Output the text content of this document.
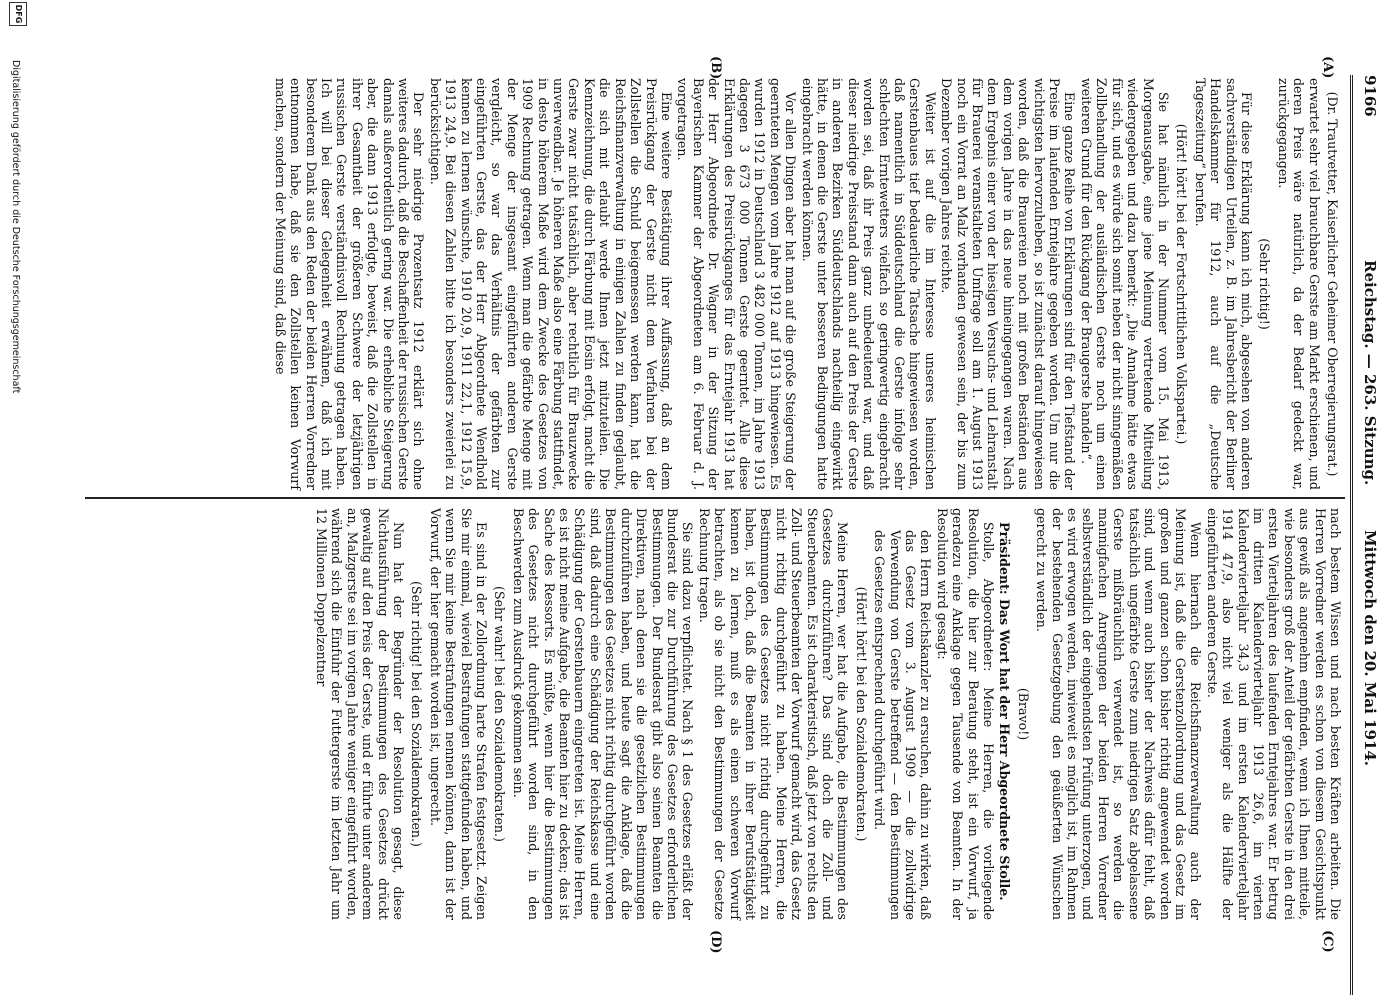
9166
Reichstag. — 263. Sitzung.
Mittwoch den 20. Mai 1914.
(A)
(B)
(C)
(D)

(Dr. Trautvetter, Kaiserlicher Geheimer Oberregierungsrat.)

erwartet sehr viel brauchbare Gerste am Markt erschienen, und deren Preis wäre natürlich, da der Bedarf gedeckt war, zurückgegangen.

(Sehr richtig!)

Für diese Erklärung kann ich mich, abgesehen von anderen sachverständigen Urteilen, z. B. im Jahresbericht der Berliner Handelskammer für 1912, auch auf die „Deutsche Tageszeitung“ berufen.

(Hört! hört! bei der Fortschrittlichen Volkspartei.)

Sie hat nämlich in der Nummer vom 15. Mai 1913, Morgenausgabe, eine jene Meinung vertretende Mitteilung wiedergegeben und dazu bemerkt: „Die Annahme hätte etwas für sich, und es würde sich somit neben der nicht sinngemäßen Zollbehandlung der ausländischen Gerste noch um einen weiteren Grund für den Rückgang der Braugerste handeln“.

Eine ganze Reihe von Erklärungen sind für den Tiefstand der Preise im laufenden Erntejahre gegeben worden. Um nur die wichtigsten hervorzuheben, so ist zunächst darauf hingewiesen worden, daß die Brauereien noch mit großen Beständen aus dem vorigen Jahre in das neue hineingegangen waren. Nach dem Ergebnis einer von der hiesigen Versuchs- und Lehranstalt für Brauerei veranstalteten Umfrage soll am 1. August 1913 noch ein Vorrat an Malz vorhanden gewesen sein, der bis zum Dezember vorigen Jahres reichte.

Weiter ist auf die im Interesse unseres heimischen Gerstenbaues tief bedauerliche Tatsache hingewiesen worden, daß namentlich in Süddeutschland die Gerste infolge sehr schlechten Erntewetters vielfach so geringwertig eingebracht worden sei, daß ihr Preis ganz unbedeutend war, und daß dieser niedrige Preisstand dann auch auf den Preis der Gerste in anderen Bezirken Süddeutschlands nachteilig eingewirkt hätte, in denen die Gerste unter besseren Bedingungen hatte eingebracht werden können.

Vor allen Dingen aber hat man auf die große Steigerung der geernteten Mengen vom Jahre 1912 auf 1913 hingewiesen. Es wurden 1912 in Deutschland 3 482 000 Tonnen, im Jahre 1913 dagegen 3 673 000 Tonnen Gerste geerntet. Alle diese Erklärungen des Preisrückganges für das Erntejahr 1913 hat der Herr Abgeordnete Dr. Wagner in der Sitzung der Bayerischen Kammer der Abgeordneten am 6. Februar d. J. vorgetragen.

Eine weitere Bestätigung ihrer Auffassung, daß an dem Preisrückgang der Gerste nicht dem Verfahren bei der Zollstellen die Schuld beigemessen werden kann, hat die Reichsfinanzverwaltung in einigen Zahlen zu finden geglaubt, die sich mit erlaubt werde Ihnen jetzt mitzuteilen. Die Kennzeichnung, die durch Färbung mit Eosin erfolgt, macht die Gerste zwar nicht tatsächlich, aber rechtlich für Brauzwecke unverwendbar. Je höheren Maße also eine Färbung stattfindet, in desto höherem Maße wird dem Zwecke des Gesetzes von 1909 Rechnung getragen. Wenn man die gefärbte Menge mit der Menge der insgesamt eingeführten anderen Gerste vergleicht, so war das Verhältnis der gefärbten zur eingeführten Gerste, das der Herr Abgeordnete Wendhold kennen zu lernen wünschte, 1910 20,9, 1911 22,1, 1912 15,9, 1913 24,9. Bei diesen Zahlen bitte ich besonders zweierlei zu berücksichtigen.

Der sehr niedrige Prozentsatz 1912 erklärt sich ohne weiteres dadurch, daß die Beschaffenheit der russischen Gerste damals außerordentlich gering war. Die erhebliche Steigerung aber, die dann 1913 erfolgte, beweist, daß die Zollstellen in ihrer Gesamtheit der größeren Schwere der letzjährigen russischen Gerste verständnisvoll Rechnung getragen haben. Ich will bei dieser Gelegenheit erwähnen, daß ich mit besonderem Dank aus den Reden der beiden Herren Vorredner entnommen habe, daß sie den Zollstellen keinen Vorwurf machen, sondern der Meinung sind, daß diese

nach bestem Wissen und nach besten Kräften arbeiten. Die Herren Vorredner werden es schon von diesem Gesichtspunkt aus gewiß als angenehm empfinden, wenn ich Ihnen mitteile, wie besonders groß der Anteil der gefärbten Gerste in den drei ersten Vierteljahren des laufenden Erntejahres war. Er betrug im dritten Kalendervierteljahr 1913 26,6, im vierten Kalendervierteljahr 34,3 und im ersten Kalendervierteljahr 1914 47,9, also nicht viel weniger als die Hälfte der eingeführten anderen Gerste.

Wenn hiernach die Reichsfinanzverwaltung auch der Meinung ist, daß die Gerstenzollordnung und das Gesetz im großen und ganzen schon bisher richtig angewendet worden sind, und wenn auch bisher der Nachweis dafür fehlt, daß tatsächlich ungefärbte Gerste zum niedrigen Satz abgelassene Gerste mißbräuchlich verwendet ist, so werden die mannigfachen Anregungen der beiden Herren Vorredner selbstverständlich der eingehendsten Prüfung unterzogen, und es wird erwogen werden, inwieweit es möglich ist, im Rahmen der bestehenden Gesetzgebung den geäußerten Wünschen gerecht zu werden.

(Bravo!)

Präsident: Das Wort hat der Herr Abgeordnete Stolle.

Stolle, Abgeordneter: Meine Herren, die vorliegende Resolution, die hier zur Beratung steht, ist ein Vorwurf, ja geradezu eine Anklage gegen Tausende von Beamten. In der Resolution wird gesagt:

den Herrn Reichskanzler zu ersuchen, dahin zu wirken, daß das Gesetz vom 3. August 1909 — die zollwidrige Verwendung von Gerste betreffend — den Bestimmungen des Gesetzes entsprechend durchgeführt wird.

(Hört! hört! bei den Sozialdemokraten.)

Meine Herren, wer hat die Aufgabe, die Bestimmungen des Gesetzes durchzuführen? Das sind doch die Zoll- und Steuerbeamten. Es ist charakteristisch, daß jetzt von rechts den Zoll- und Steuerbeamten der Vorwurf gemacht wird, das Gesetz nicht richtig durchgeführt zu haben. Meine Herren, die Bestimmungen des Gesetzes nicht richtig durchgeführt zu haben, ist doch, daß die Beamten in ihrer Berufstätigkeit kennen zu lernen, muß es als einen schweren Vorwurf betrachten, als ob sie nicht den Bestimmungen der Gesetze Rechnung tragen.

Sie sind dazu verpflichtet. Nach § 1 des Gesetzes erläßt der Bundesrat die zur Durchführung des Gesetzes erforderlichen Bestimmungen. Der Bundesrat gibt also seinen Beamten die Direktiven, nach denen sie die gesetzlichen Bestimmungen durchzuführen haben, und heute sagt die Anklage, daß die Bestimmungen des Gesetzes nicht richtig durchgeführt worden sind, daß dadurch eine Schädigung der Reichskasse und eine Schädigung der Gerstenbauern eingetreten ist. Meine Herren, es ist nicht meine Aufgabe, die Beamten hier zu decken; das ist Sache des Ressorts. Es müßte, wenn hier die Bestimmungen des Gesetzes nicht durchgeführt worden sind, in den Beschwerden zum Ausdruck gekommen sein.

(Sehr wahr! bei den Sozialdemokraten.)

Es sind in der Zollordnung harte Strafen festgesetzt. Zeigen Sie mir einmal, wieviel Bestrafungen stattgefunden haben, und wenn Sie mir keine Bestrafungen nennen können, dann ist der Vorwurf, der hier gemacht worden ist, ungerecht.

(Sehr richtig! bei den Sozialdemokraten.)

Nun hat der Begründer der Resolution gesagt, diese Nichtausführung der Bestimmungen des Gesetzes drückt gewaltig auf den Preis der Gerste, und er führte unter anderem an, Malzgerste sei im vorigen Jahre weniger eingeführt worden, während sich die Einfuhr der Futtergerste im letzten Jahr um 12 Millionen Doppelzentner

DFG
Digitalisierung gefördert durch die Deutsche Forschungsgemeinschaft
